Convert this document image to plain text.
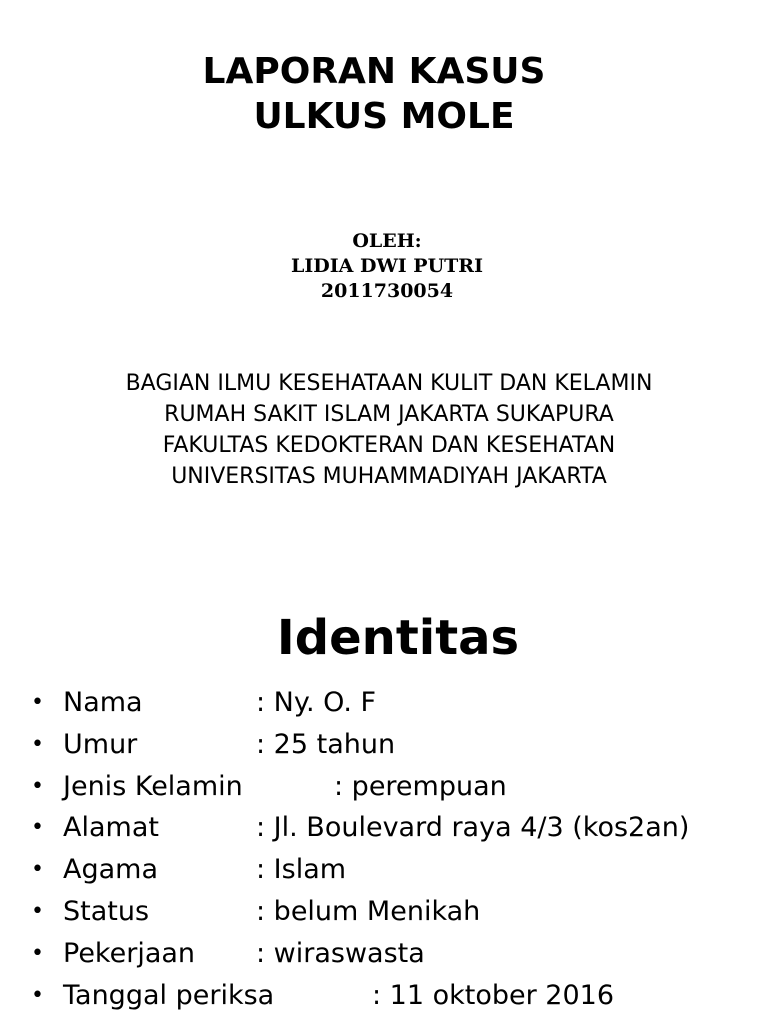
LAPORAN KASUS
ULKUS MOLE
OLEH:
LIDIA DWI PUTRI
2011730054
BAGIAN ILMU KESEHATAAN KULIT DAN KELAMIN
RUMAH SAKIT ISLAM JAKARTA SUKAPURA
FAKULTAS KEDOKTERAN DAN KESEHATAN
UNIVERSITAS MUHAMMADIYAH JAKARTA
Identitas
• Nama	: Ny. O. F
• Umur	: 25 tahun
• Jenis Kelamin	: perempuan
• Alamat	: Jl. Boulevard raya 4/3 (kos2an)
• Agama	: Islam
• Status	: belum Menikah
• Pekerjaan : wiraswasta
• Tanggal periksa	: 11 oktober 2016
